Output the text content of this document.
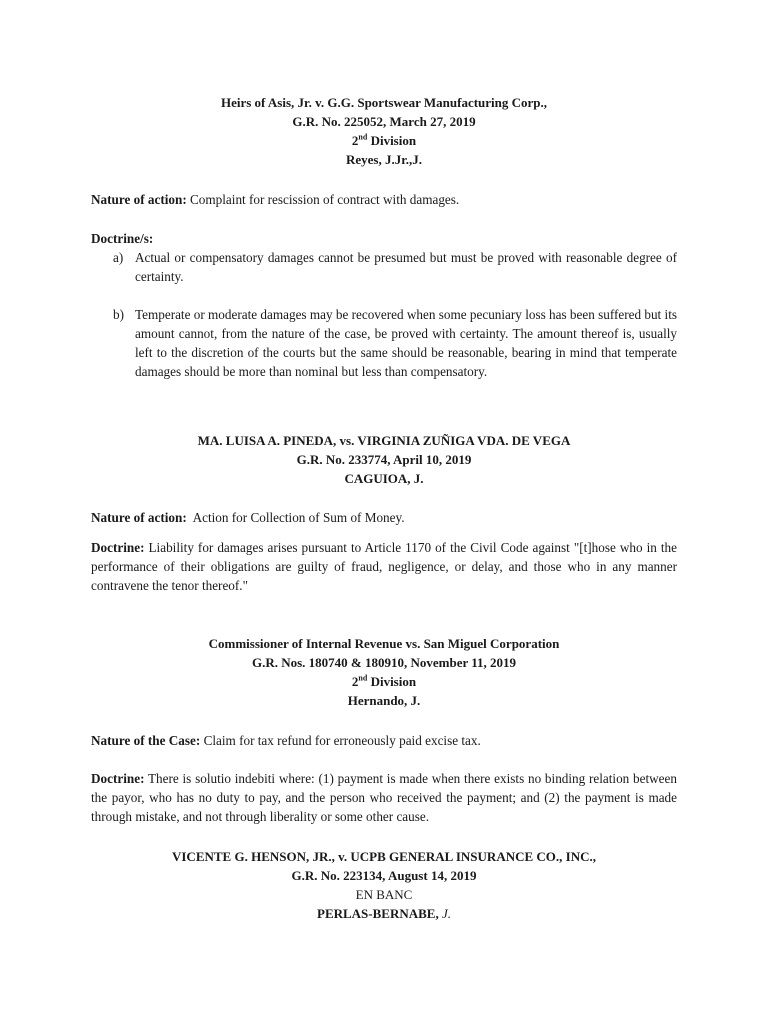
Heirs of Asis, Jr. v. G.G. Sportswear Manufacturing Corp.,
G.R. No. 225052, March 27, 2019
2nd Division
Reyes, J.Jr.,J.
Nature of action: Complaint for rescission of contract with damages.
Doctrine/s:
a) Actual or compensatory damages cannot be presumed but must be proved with reasonable degree of certainty.
b) Temperate or moderate damages may be recovered when some pecuniary loss has been suffered but its amount cannot, from the nature of the case, be proved with certainty. The amount thereof is, usually left to the discretion of the courts but the same should be reasonable, bearing in mind that temperate damages should be more than nominal but less than compensatory.
MA. LUISA A. PINEDA, vs. VIRGINIA ZUÑIGA VDA. DE VEGA
G.R. No. 233774, April 10, 2019
CAGUIOA, J.
Nature of action:  Action for Collection of Sum of Money.
Doctrine: Liability for damages arises pursuant to Article 1170 of the Civil Code against "[t]hose who in the performance of their obligations are guilty of fraud, negligence, or delay, and those who in any manner contravene the tenor thereof."
Commissioner of Internal Revenue vs. San Miguel Corporation
G.R. Nos. 180740 & 180910, November 11, 2019
2nd Division
Hernando, J.
Nature of the Case: Claim for tax refund for erroneously paid excise tax.
Doctrine: There is solutio indebiti where: (1) payment is made when there exists no binding relation between the payor, who has no duty to pay, and the person who received the payment; and (2) the payment is made through mistake, and not through liberality or some other cause.
VICENTE G. HENSON, JR., v. UCPB GENERAL INSURANCE CO., INC.,
G.R. No. 223134, August 14, 2019
EN BANC
PERLAS-BERNABE, J.
